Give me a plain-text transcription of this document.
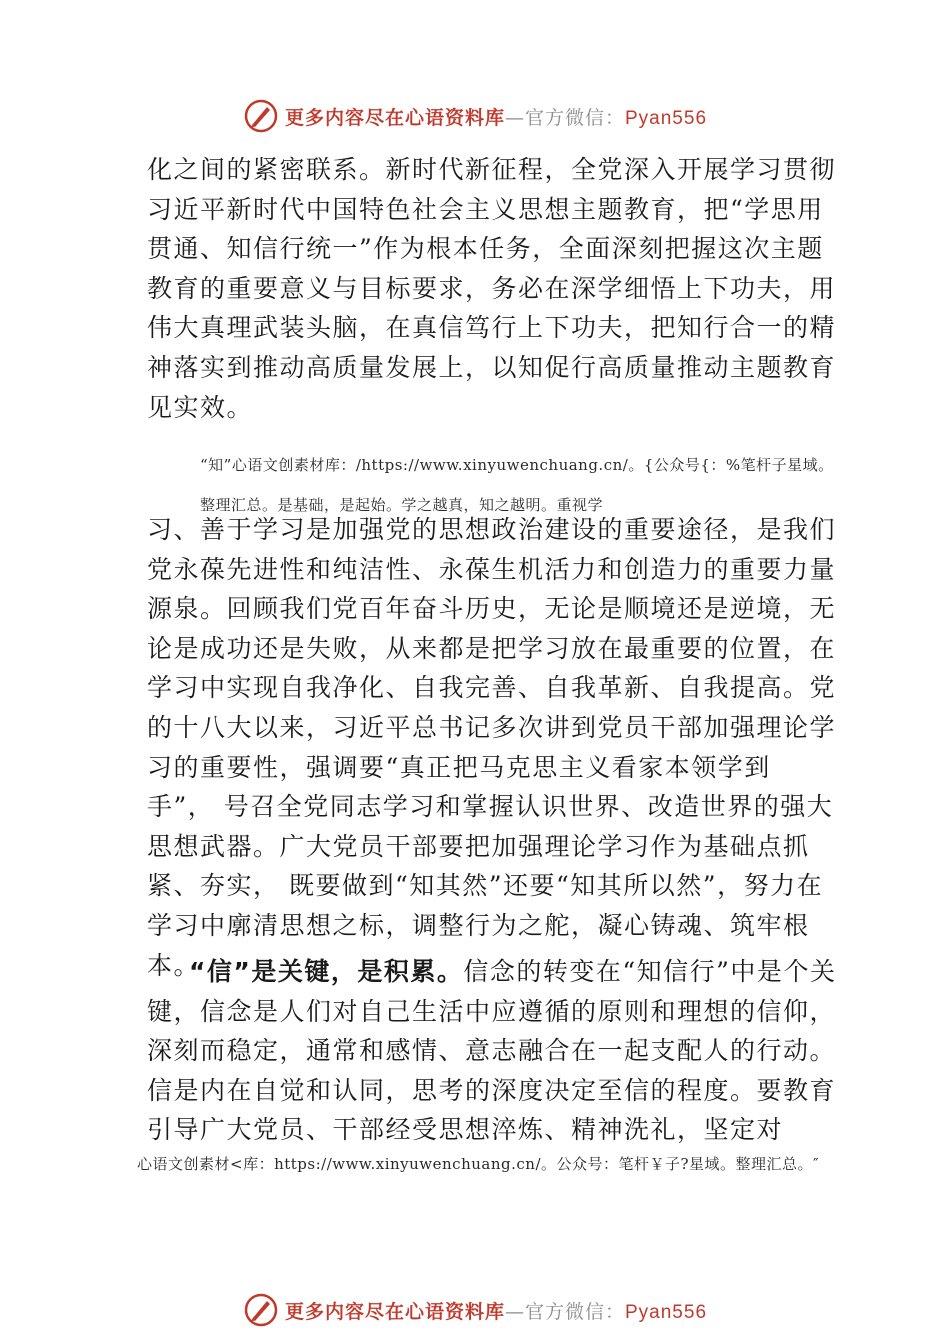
更多内容尽在心语资料库—官方微信：Pyan556

化之间的紧密联系。新时代新征程，全党深入开展学习贯彻习近平新时代中国特色社会主义思想主题教育，把“学思用贯通、知信行统一”作为根本任务，全面深刻把握这次主题教育的重要意义与目标要求，务必在深学细悟上下功夫，用伟大真理武装头脑，在真信笃行上下功夫，把知行合一的精神落实到推动高质量发展上，以知促行高质量推动主题教育见实效。

“知”心语文创素材库：/https://www.xinyuwenchuang.cn/。{公众号{：%笔杆子星域。整理汇总。是基础，是起始。学之越真，知之越明。重视学

习、善于学习是加强党的思想政治建设的重要途径，是我们党永葆先进性和纯洁性、永葆生机活力和创造力的重要力量源泉。回顾我们党百年奋斗历史，无论是顺境还是逆境，无论是成功还是失败，从来都是把学习放在最重要的位置，在学习中实现自我净化、自我完善、自我革新、自我提高。党的十八大以来，习近平总书记多次讲到党员干部加强理论学习的重要性，强调要“真正把马克思主义看家本领学到手”， 号召全党同志学习和掌握认识世界、改造世界的强大思想武器。广大党员干部要把加强理论学习作为基础点抓紧、夯实， 既要做到“知其然”还要“知其所以然”，努力在学习中廓清思想之标，调整行为之舵，凝心铸魂、筑牢根本。

“信”是关键，是积累。信念的转变在“知信行”中是个关键，信念是人们对自己生活中应遵循的原则和理想的信仰，深刻而稳定，通常和感情、意志融合在一起支配人的行动。信是内在自觉和认同，思考的深度决定至信的程度。要教育引导广大党员、干部经受思想淬炼、精神洗礼，坚定对

心语文创素材<库：https://www.xinyuwenchuang.cn/。公众号：笔杆￥子?星域。整理汇总。″

更多内容尽在心语资料库—官方微信：Pyan556
